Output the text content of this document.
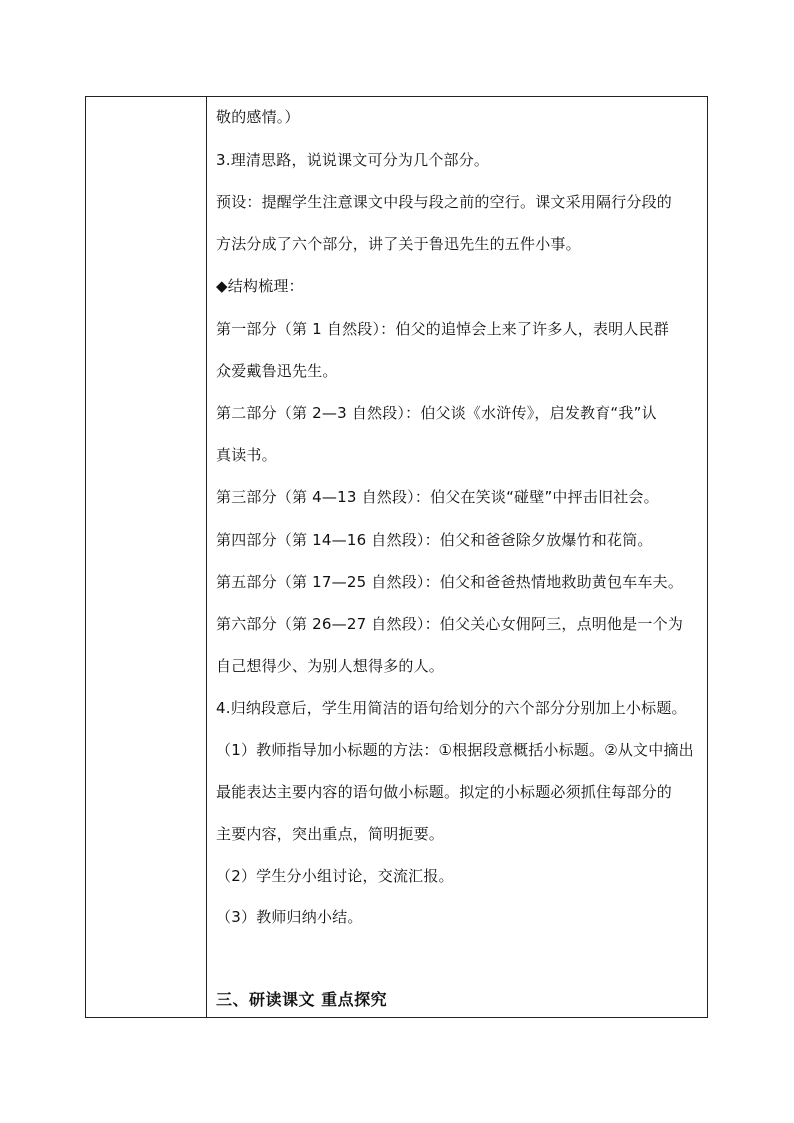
敬的感情。）
3.理清思路，说说课文可分为几个部分。
预设：提醒学生注意课文中段与段之前的空行。课文采用隔行分段的
方法分成了六个部分，讲了关于鲁迅先生的五件小事。
◆结构梳理：
第一部分（第 1 自然段）：伯父的追悼会上来了许多人，表明人民群
众爱戴鲁迅先生。
第二部分（第 2—3 自然段）：伯父谈《水浒传》，启发教育“我”认
真读书。
第三部分（第 4—13 自然段）：伯父在笑谈“碰壁”中抨击旧社会。
第四部分（第 14—16 自然段）：伯父和爸爸除夕放爆竹和花筒。
第五部分（第 17—25 自然段）：伯父和爸爸热情地救助黄包车车夫。
第六部分（第 26—27 自然段）：伯父关心女佣阿三，点明他是一个为
自己想得少、为别人想得多的人。
4.归纳段意后，学生用简洁的语句给划分的六个部分分别加上小标题。
（1）教师指导加小标题的方法：①根据段意概括小标题。②从文中摘出
最能表达主要内容的语句做小标题。拟定的小标题必须抓住每部分的
主要内容，突出重点，简明扼要。
（2）学生分小组讨论，交流汇报。
（3）教师归纳小结。
三、研读课文 重点探究
